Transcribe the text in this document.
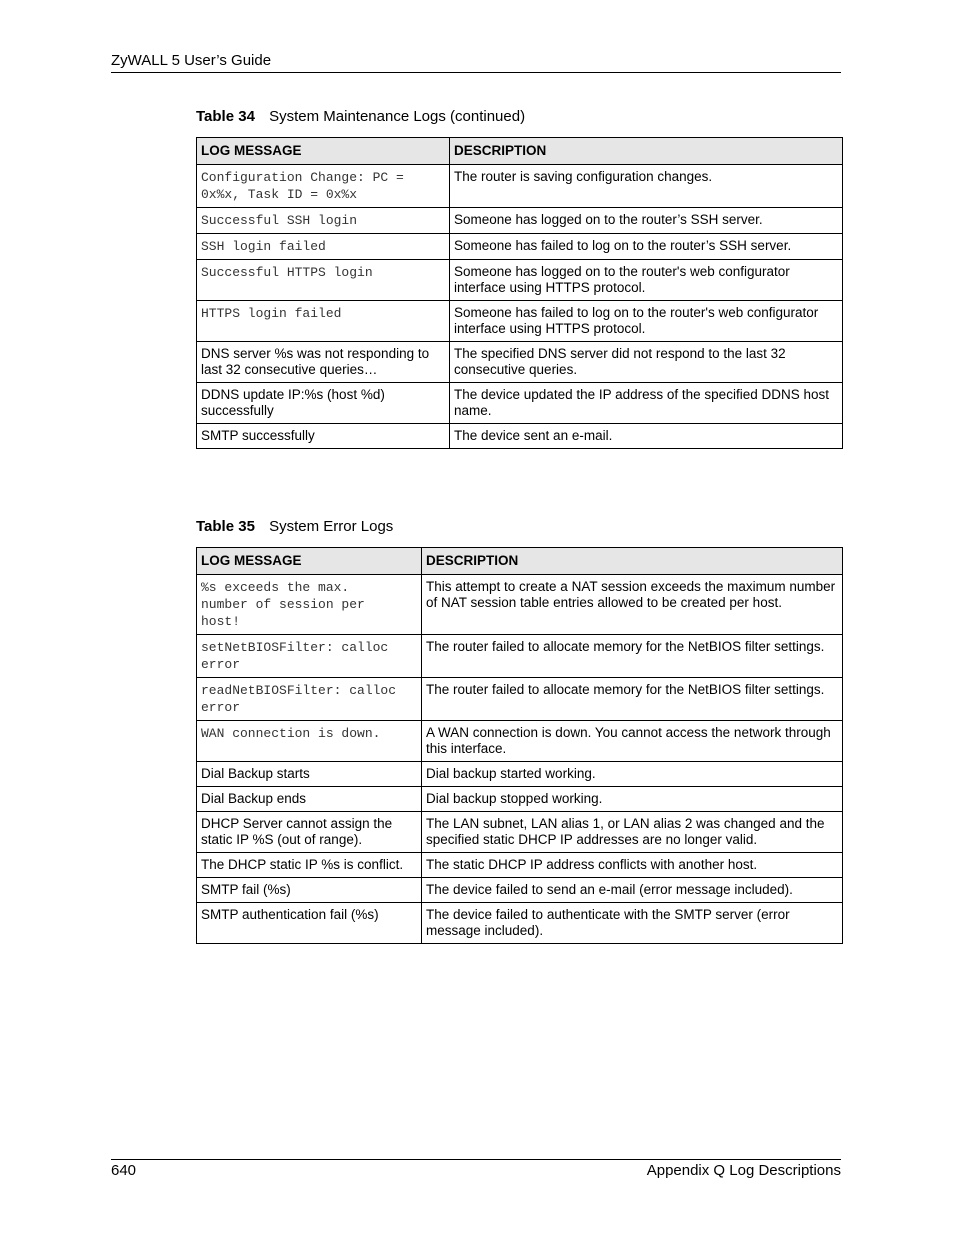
ZyWALL 5 User’s Guide
Table 34 System Maintenance Logs (continued)
LOG MESSAGE	DESCRIPTION
Configuration Change: PC =
0x%x, Task ID = 0x%x	The router is saving configuration changes.
Successful SSH login	Someone has logged on to the router’s SSH server.
SSH login failed	Someone has failed to log on to the router’s SSH server.
Successful HTTPS login	Someone has logged on to the router's web configurator interface using HTTPS protocol.
HTTPS login failed	Someone has failed to log on to the router's web configurator interface using HTTPS protocol.
DNS server %s was not responding to last 32 consecutive queries…	The specified DNS server did not respond to the last 32 consecutive queries.
DDNS update IP:%s (host %d) successfully	The device updated the IP address of the specified DDNS host name.
SMTP successfully	The device sent an e-mail.
Table 35 System Error Logs
LOG MESSAGE	DESCRIPTION
%s exceeds the max.
number of session per
host!	This attempt to create a NAT session exceeds the maximum number of NAT session table entries allowed to be created per host.
setNetBIOSFilter: calloc
error	The router failed to allocate memory for the NetBIOS filter settings.
readNetBIOSFilter: calloc
error	The router failed to allocate memory for the NetBIOS filter settings.
WAN connection is down.	A WAN connection is down. You cannot access the network through this interface.
Dial Backup starts	Dial backup started working.
Dial Backup ends	Dial backup stopped working.
DHCP Server cannot assign the static IP %S (out of range).	The LAN subnet, LAN alias 1, or LAN alias 2 was changed and the specified static DHCP IP addresses are no longer valid.
The DHCP static IP %s is conflict.	The static DHCP IP address conflicts with another host.
SMTP fail (%s)	The device failed to send an e-mail (error message included).
SMTP authentication fail (%s)	The device failed to authenticate with the SMTP server (error message included).
640	Appendix Q Log Descriptions
